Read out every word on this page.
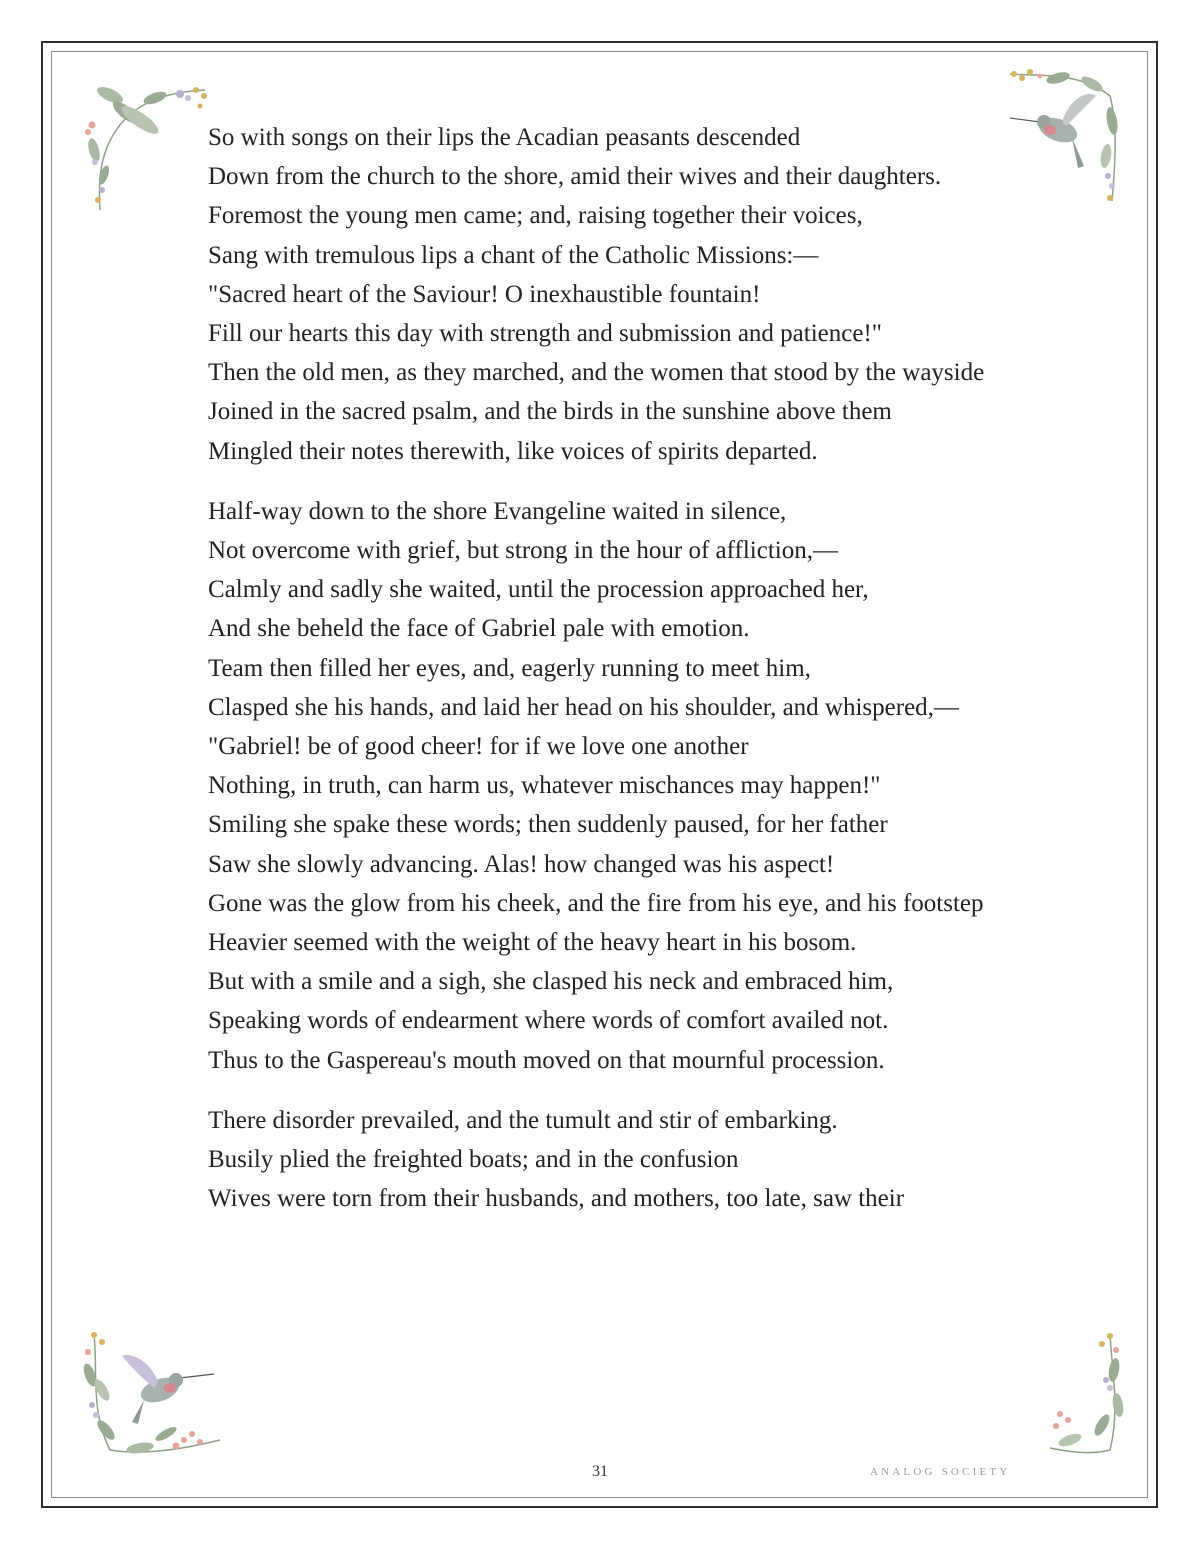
So with songs on their lips the Acadian peasants descended
Down from the church to the shore, amid their wives and their daughters.
Foremost the young men came; and, raising together their voices,
Sang with tremulous lips a chant of the Catholic Missions:—
"Sacred heart of the Saviour! O inexhaustible fountain!
Fill our hearts this day with strength and submission and patience!"
Then the old men, as they marched, and the women that stood by the wayside
Joined in the sacred psalm, and the birds in the sunshine above them
Mingled their notes therewith, like voices of spirits departed.
Half-way down to the shore Evangeline waited in silence,
Not overcome with grief, but strong in the hour of affliction,—
Calmly and sadly she waited, until the procession approached her,
And she beheld the face of Gabriel pale with emotion.
Team then filled her eyes, and, eagerly running to meet him,
Clasped she his hands, and laid her head on his shoulder, and whispered,—
"Gabriel! be of good cheer! for if we love one another
Nothing, in truth, can harm us, whatever mischances may happen!"
Smiling she spake these words; then suddenly paused, for her father
Saw she slowly advancing. Alas! how changed was his aspect!
Gone was the glow from his cheek, and the fire from his eye, and his footstep
Heavier seemed with the weight of the heavy heart in his bosom.
But with a smile and a sigh, she clasped his neck and embraced him,
Speaking words of endearment where words of comfort availed not.
Thus to the Gaspereau's mouth moved on that mournful procession.
There disorder prevailed, and the tumult and stir of embarking.
Busily plied the freighted boats; and in the confusion
Wives were torn from their husbands, and mothers, too late, saw their
31	ANALOG SOCIETY
